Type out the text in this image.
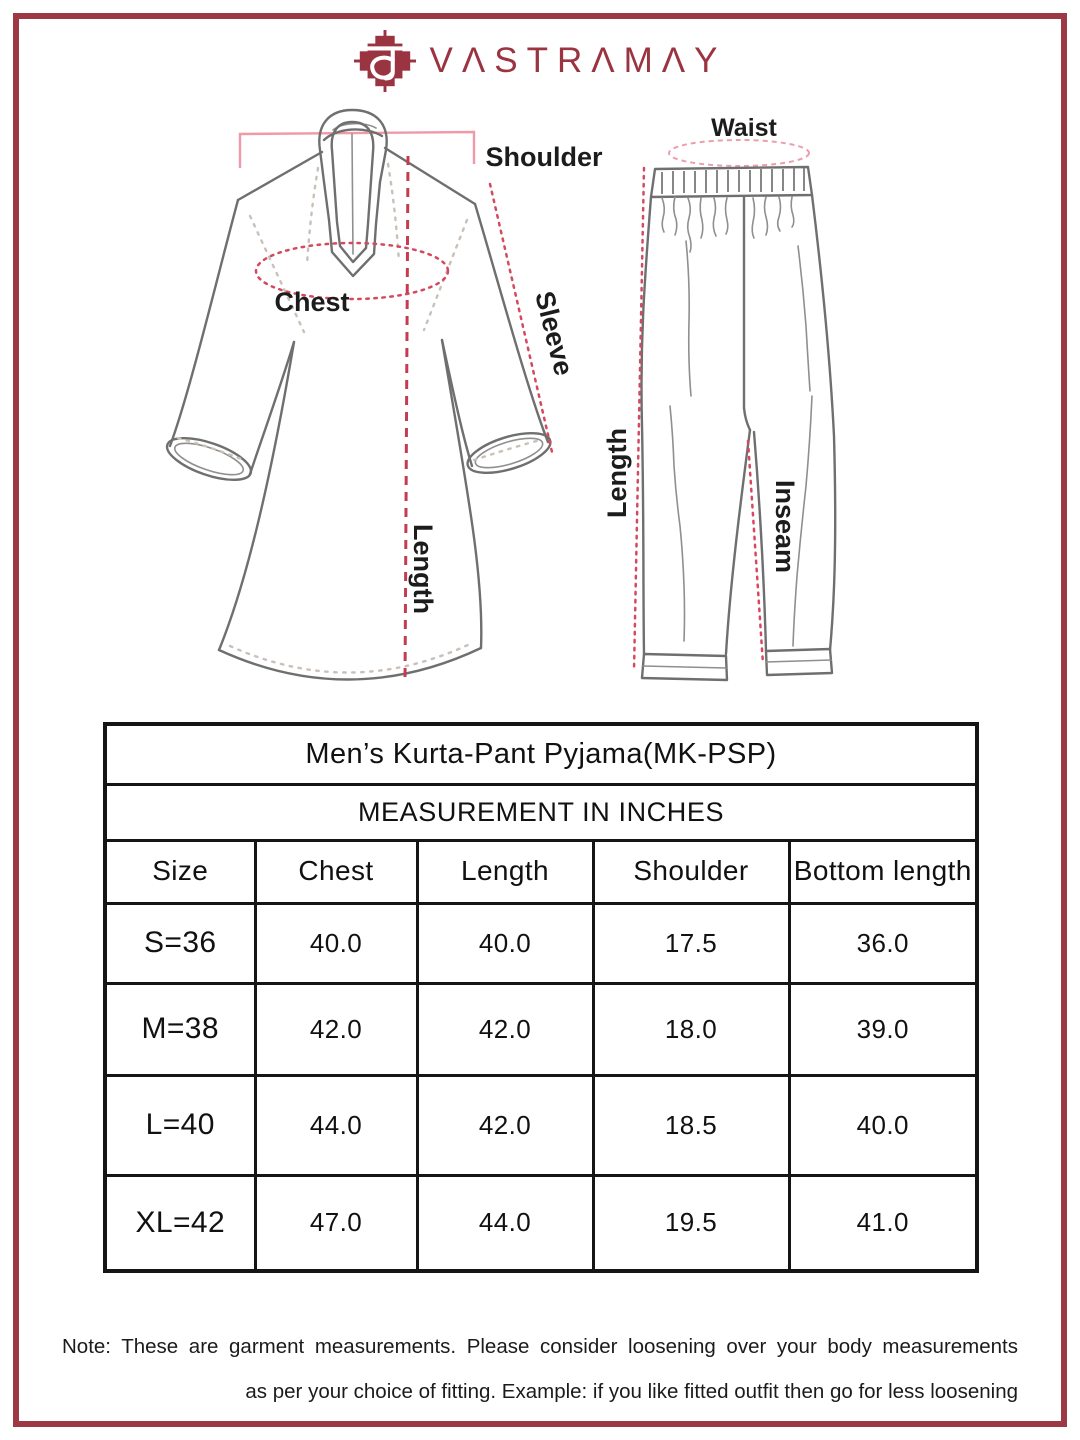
VΛSTRΛMΛY
Shoulder
Chest	Sleeve
Length
Waist
Length
Inseam
Men’s Kurta-Pant Pyjama(MK-PSP)				
MEASUREMENT IN INCHES				
Size	Chest	Length	Shoulder	Bottom length
S=36	40.0	40.0	17.5	36.0
M=38	42.0	42.0	18.0	39.0
L=40	44.0	42.0	18.5	40.0
XL=42	47.0	44.0	19.5	41.0
Note: These are garment measurements. Please consider loosening over your body measurements
as per your choice of fitting. Example: if you like fitted outfit then go for less loosening
